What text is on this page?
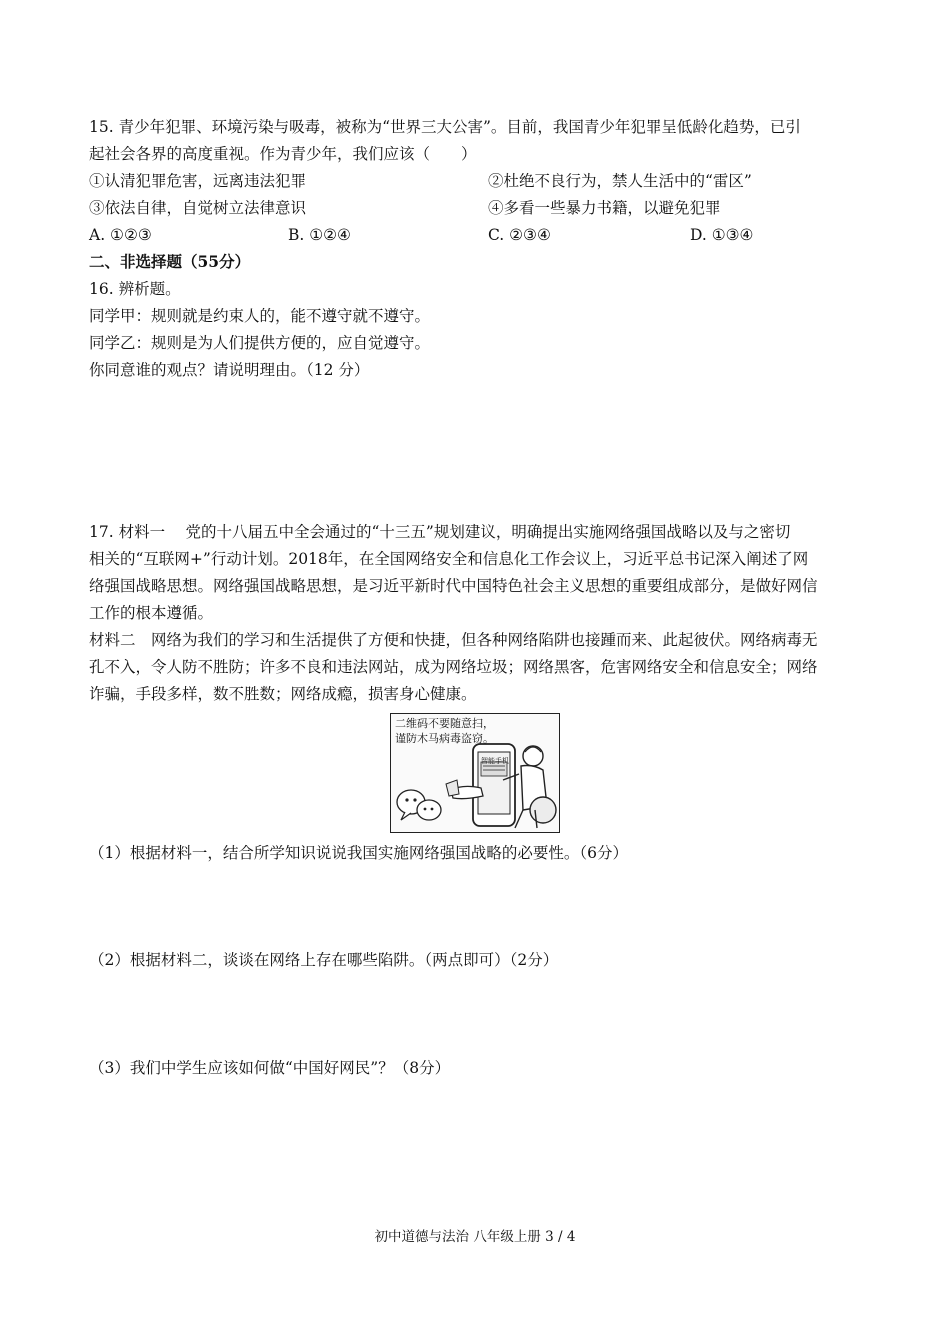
15. 青少年犯罪、环境污染与吸毒，被称为“世界三大公害”。目前，我国青少年犯罪呈低龄化趋势，已引
起社会各界的高度重视。作为青少年，我们应该（　　）
①认清犯罪危害，远离违法犯罪	②杜绝不良行为，禁人生活中的“雷区”
③依法自律，自觉树立法律意识	④多看一些暴力书籍，以避免犯罪
A. ①②③	B. ①②④	C. ②③④	D. ①③④
二、非选择题（55分）
16. 辨析题。
同学甲：规则就是约束人的，能不遵守就不遵守。
同学乙：规则是为人们提供方便的，应自觉遵守。
你同意谁的观点？请说明理由。（12 分）
17. 材料一　 党的十八届五中全会通过的“十三五”规划建议，明确提出实施网络强国战略以及与之密切
相关的“互联网+”行动计划。2018年，在全国网络安全和信息化工作会议上，习近平总书记深入阐述了网
络强国战略思想。网络强国战略思想，是习近平新时代中国特色社会主义思想的重要组成部分，是做好网信
工作的根本遵循。
材料二　网络为我们的学习和生活提供了方便和快捷，但各种网络陷阱也接踵而来、此起彼伏。网络病毒无
孔不入，令人防不胜防；许多不良和违法网站，成为网络垃圾；网络黑客，危害网络安全和信息安全；网络
诈骗，手段多样，数不胜数；网络成瘾，损害身心健康。
二维码不要随意扫，
谨防木马病毒盗窃。
智能手机
（1）根据材料一，结合所学知识说说我国实施网络强国战略的必要性。（6分）
（2）根据材料二，谈谈在网络上存在哪些陷阱。（两点即可）（2分）
（3）我们中学生应该如何做“中国好网民”？（8分）
初中道德与法治 八年级上册 3 / 4
